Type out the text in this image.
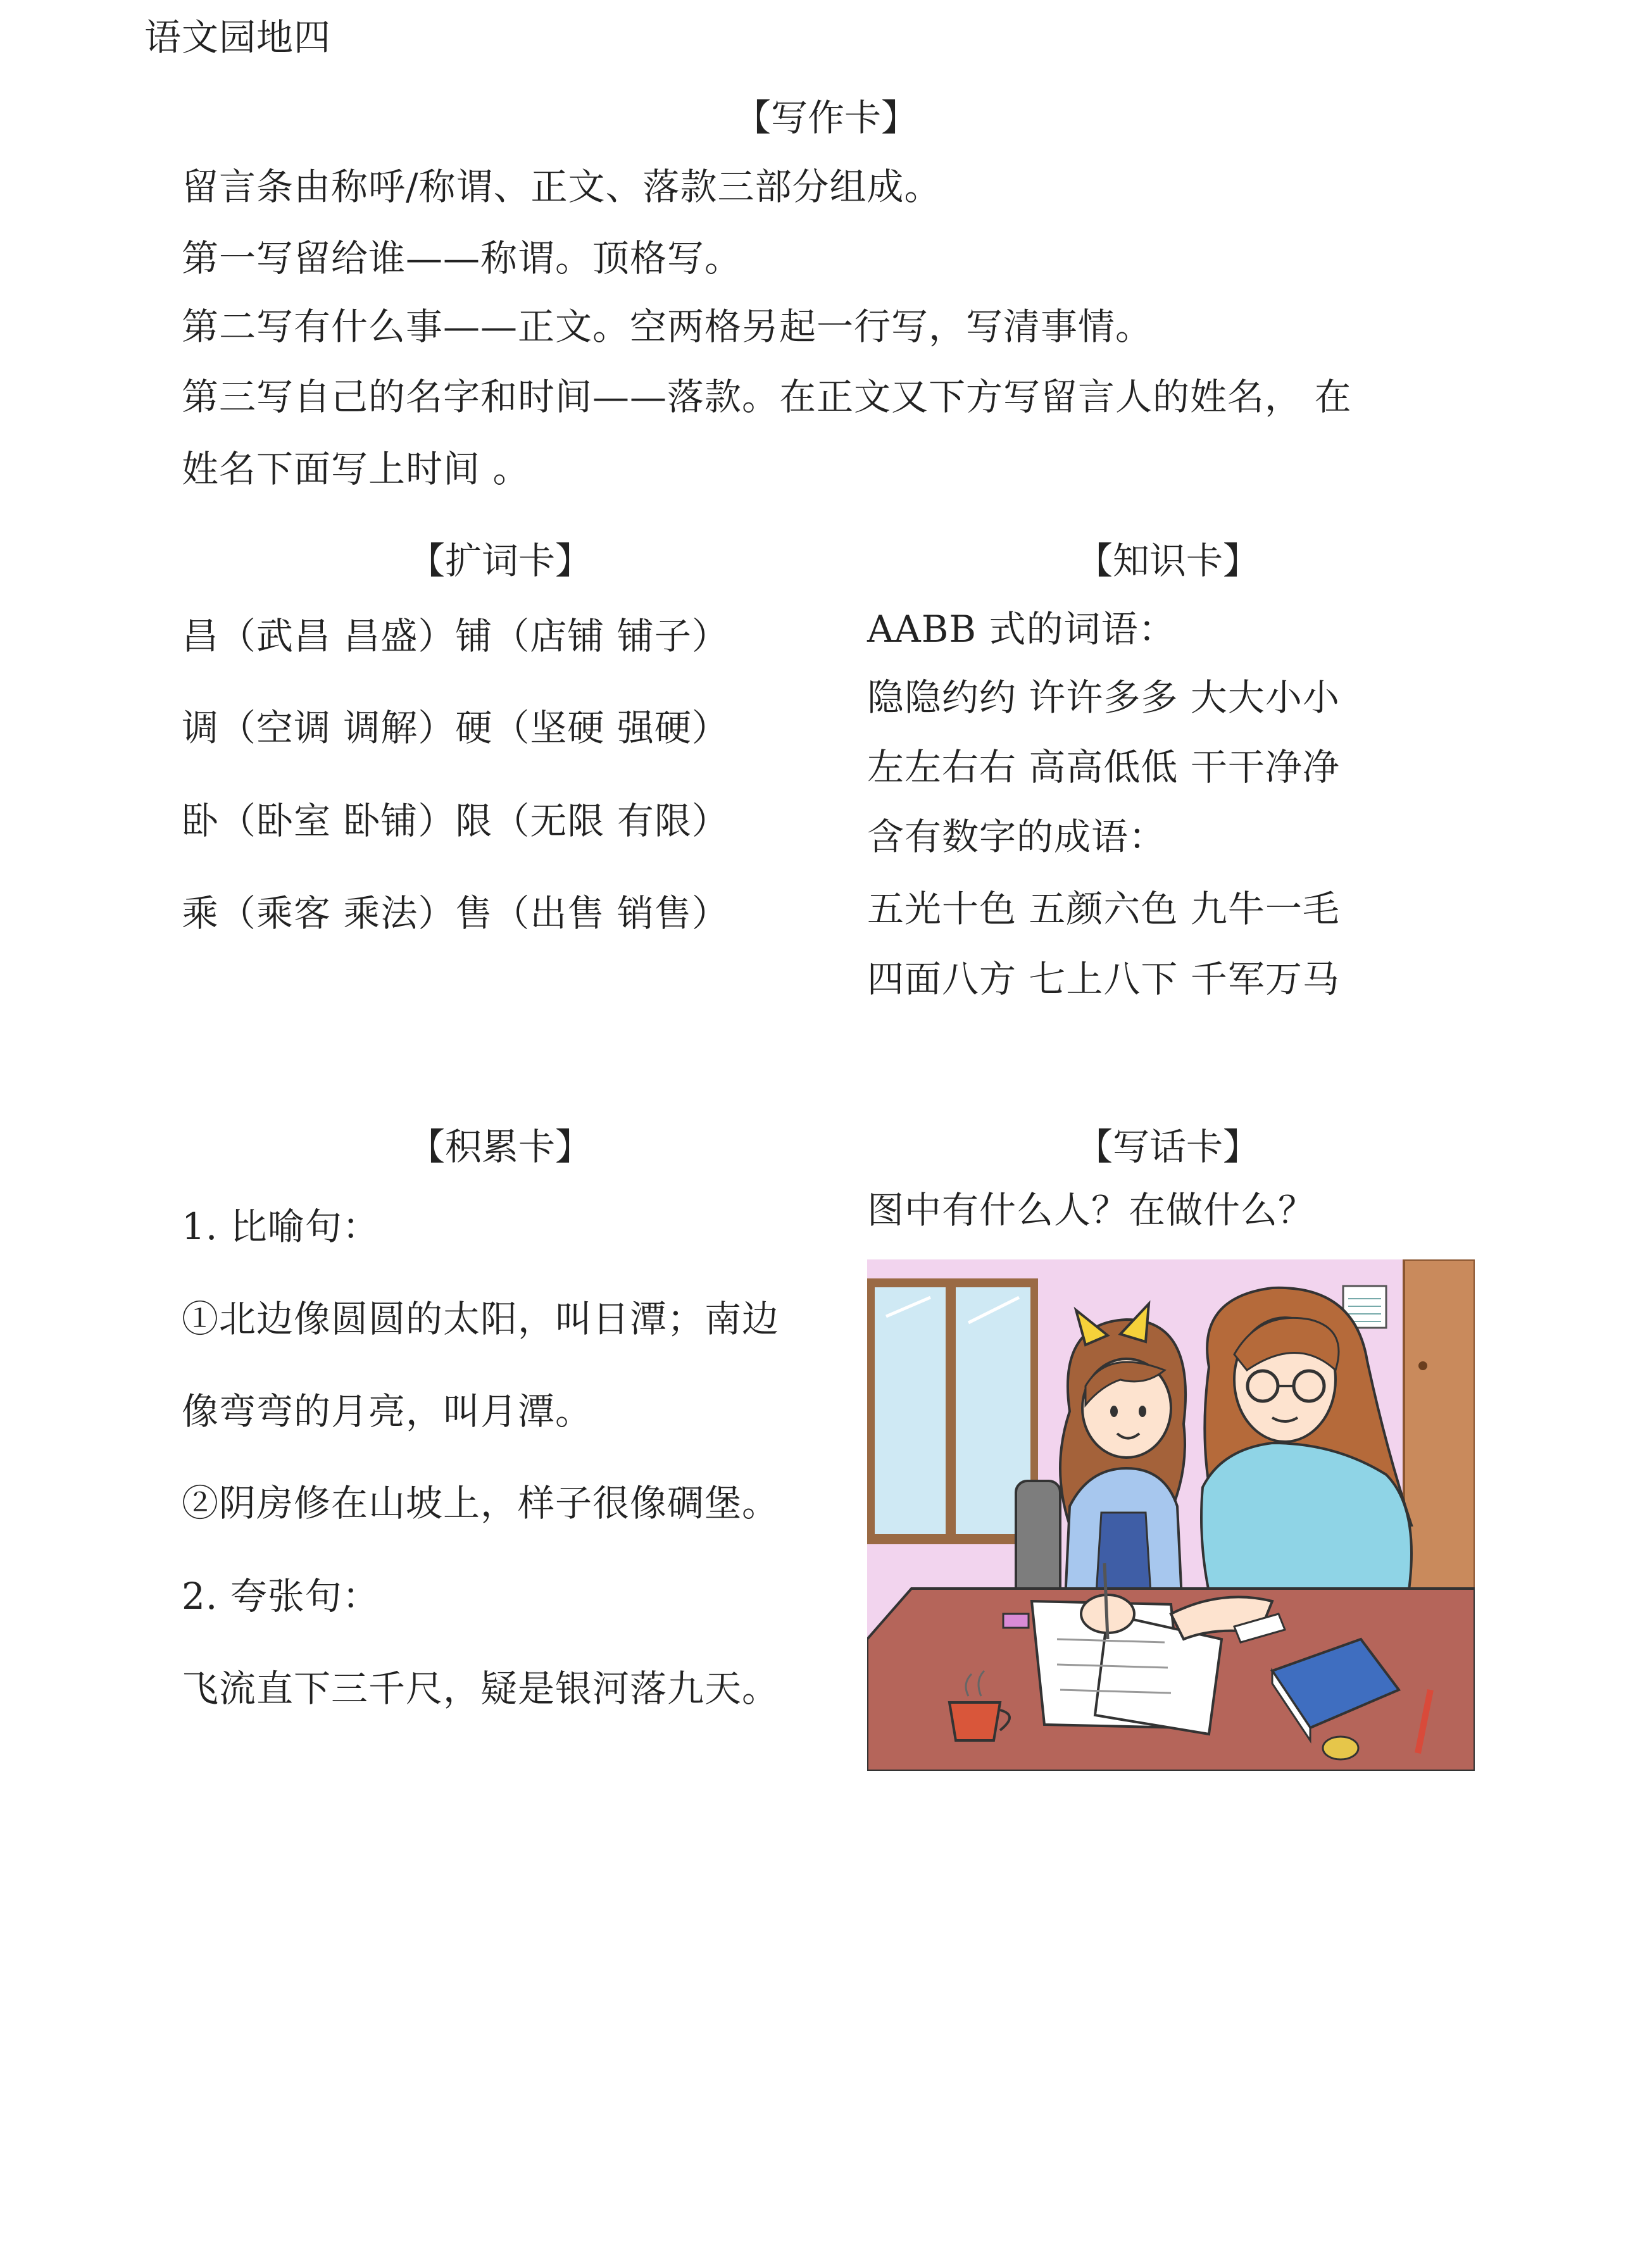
语文园地四
【写作卡】
留言条由称呼/称谓、正文、落款三部分组成。
第一写留给谁——称谓。顶格写。
第二写有什么事——正文。空两格另起一行写，写清事情。
第三写自己的名字和时间——落款。在正文又下方写留言人的姓名， 在
姓名下面写上时间 。
【扩词卡】
昌（武昌 昌盛）铺（店铺 铺子）
调（空调 调解）硬（坚硬 强硬）
卧（卧室 卧铺）限（无限 有限）
乘（乘客 乘法）售（出售 销售）
【知识卡】
AABB 式的词语：
隐隐约约 许许多多 大大小小
左左右右 高高低低 干干净净
含有数字的成语：
五光十色 五颜六色 九牛一毛
四面八方 七上八下 千军万马
【积累卡】
1. 比喻句：
①北边像圆圆的太阳，叫日潭；南边
像弯弯的月亮，叫月潭。
②阴房修在山坡上，样子很像碉堡。
2. 夸张句：
飞流直下三千尺，疑是银河落九天。
【写话卡】
图中有什么人？在做什么？
